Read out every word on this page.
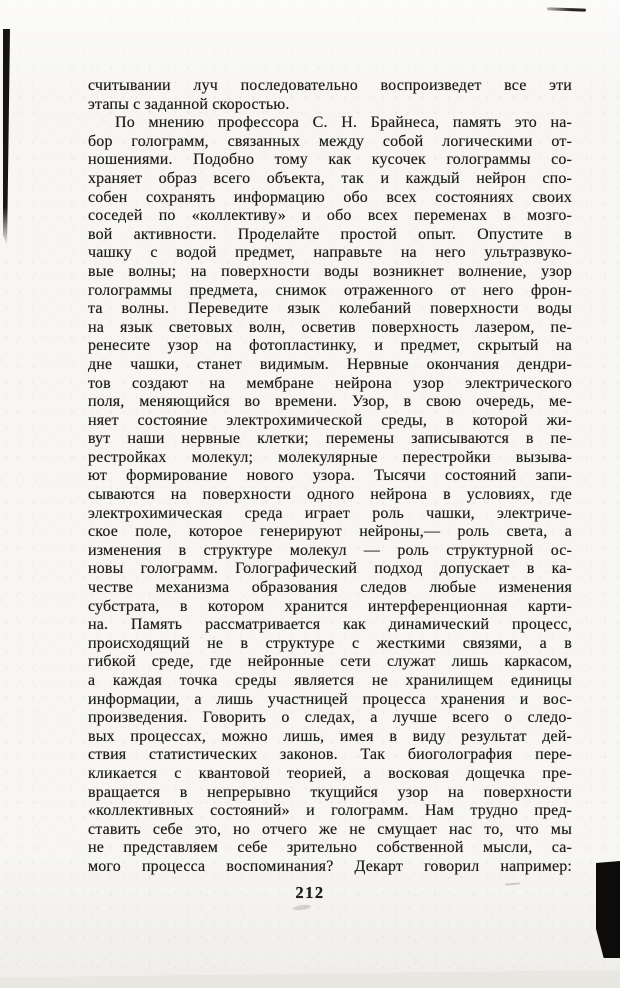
считывании луч последовательно воспроизведет все эти
этапы с заданной скоростью.
По мнению профессора С. Н. Брайнеса, память это на-
бор голограмм, связанных между собой логическими от-
ношениями. Подобно тому как кусочек голограммы со-
храняет образ всего объекта, так и каждый нейрон спо-
собен сохранять информацию обо всех состояниях своих
соседей по «коллективу» и обо всех переменах в мозго-
вой активности. Проделайте простой опыт. Опустите в
чашку с водой предмет, направьте на него ультразвуко-
вые волны; на поверхности воды возникнет волнение, узор
голограммы предмета, снимок отраженного от него фрон-
та волны. Переведите язык колебаний поверхности воды
на язык световых волн, осветив поверхность лазером, пе-
ренесите узор на фотопластинку, и предмет, скрытый на
дне чашки, станет видимым. Нервные окончания дендри-
тов создают на мембране нейрона узор электрического
поля, меняющийся во времени. Узор, в свою очередь, ме-
няет состояние электрохимической среды, в которой жи-
вут наши нервные клетки; перемены записываются в пе-
рестройках молекул; молекулярные перестройки вызыва-
ют формирование нового узора. Тысячи состояний запи-
сываются на поверхности одного нейрона в условиях, где
электрохимическая среда играет роль чашки, электриче-
ское поле, которое генерируют нейроны,— роль света, а
изменения в структуре молекул — роль структурной ос-
новы голограмм. Голографический подход допускает в ка-
честве механизма образования следов любые изменения
субстрата, в котором хранится интерференционная карти-
на. Память рассматривается как динамический процесс,
происходящий не в структуре с жесткими связями, а в
гибкой среде, где нейронные сети служат лишь каркасом,
а каждая точка среды является не хранилищем единицы
информации, а лишь участницей процесса хранения и вос-
произведения. Говорить о следах, а лучше всего о следо-
вых процессах, можно лишь, имея в виду результат дей-
ствия статистических законов. Так биоголография пере-
кликается с квантовой теорией, а восковая дощечка пре-
вращается в непрерывно ткущийся узор на поверхности
«коллективных состояний» и голограмм. Нам трудно пред-
ставить себе это, но отчего же не смущает нас то, что мы
не представляем себе зрительно собственной мысли, са-
мого процесса воспоминания? Декарт говорил например:
212
